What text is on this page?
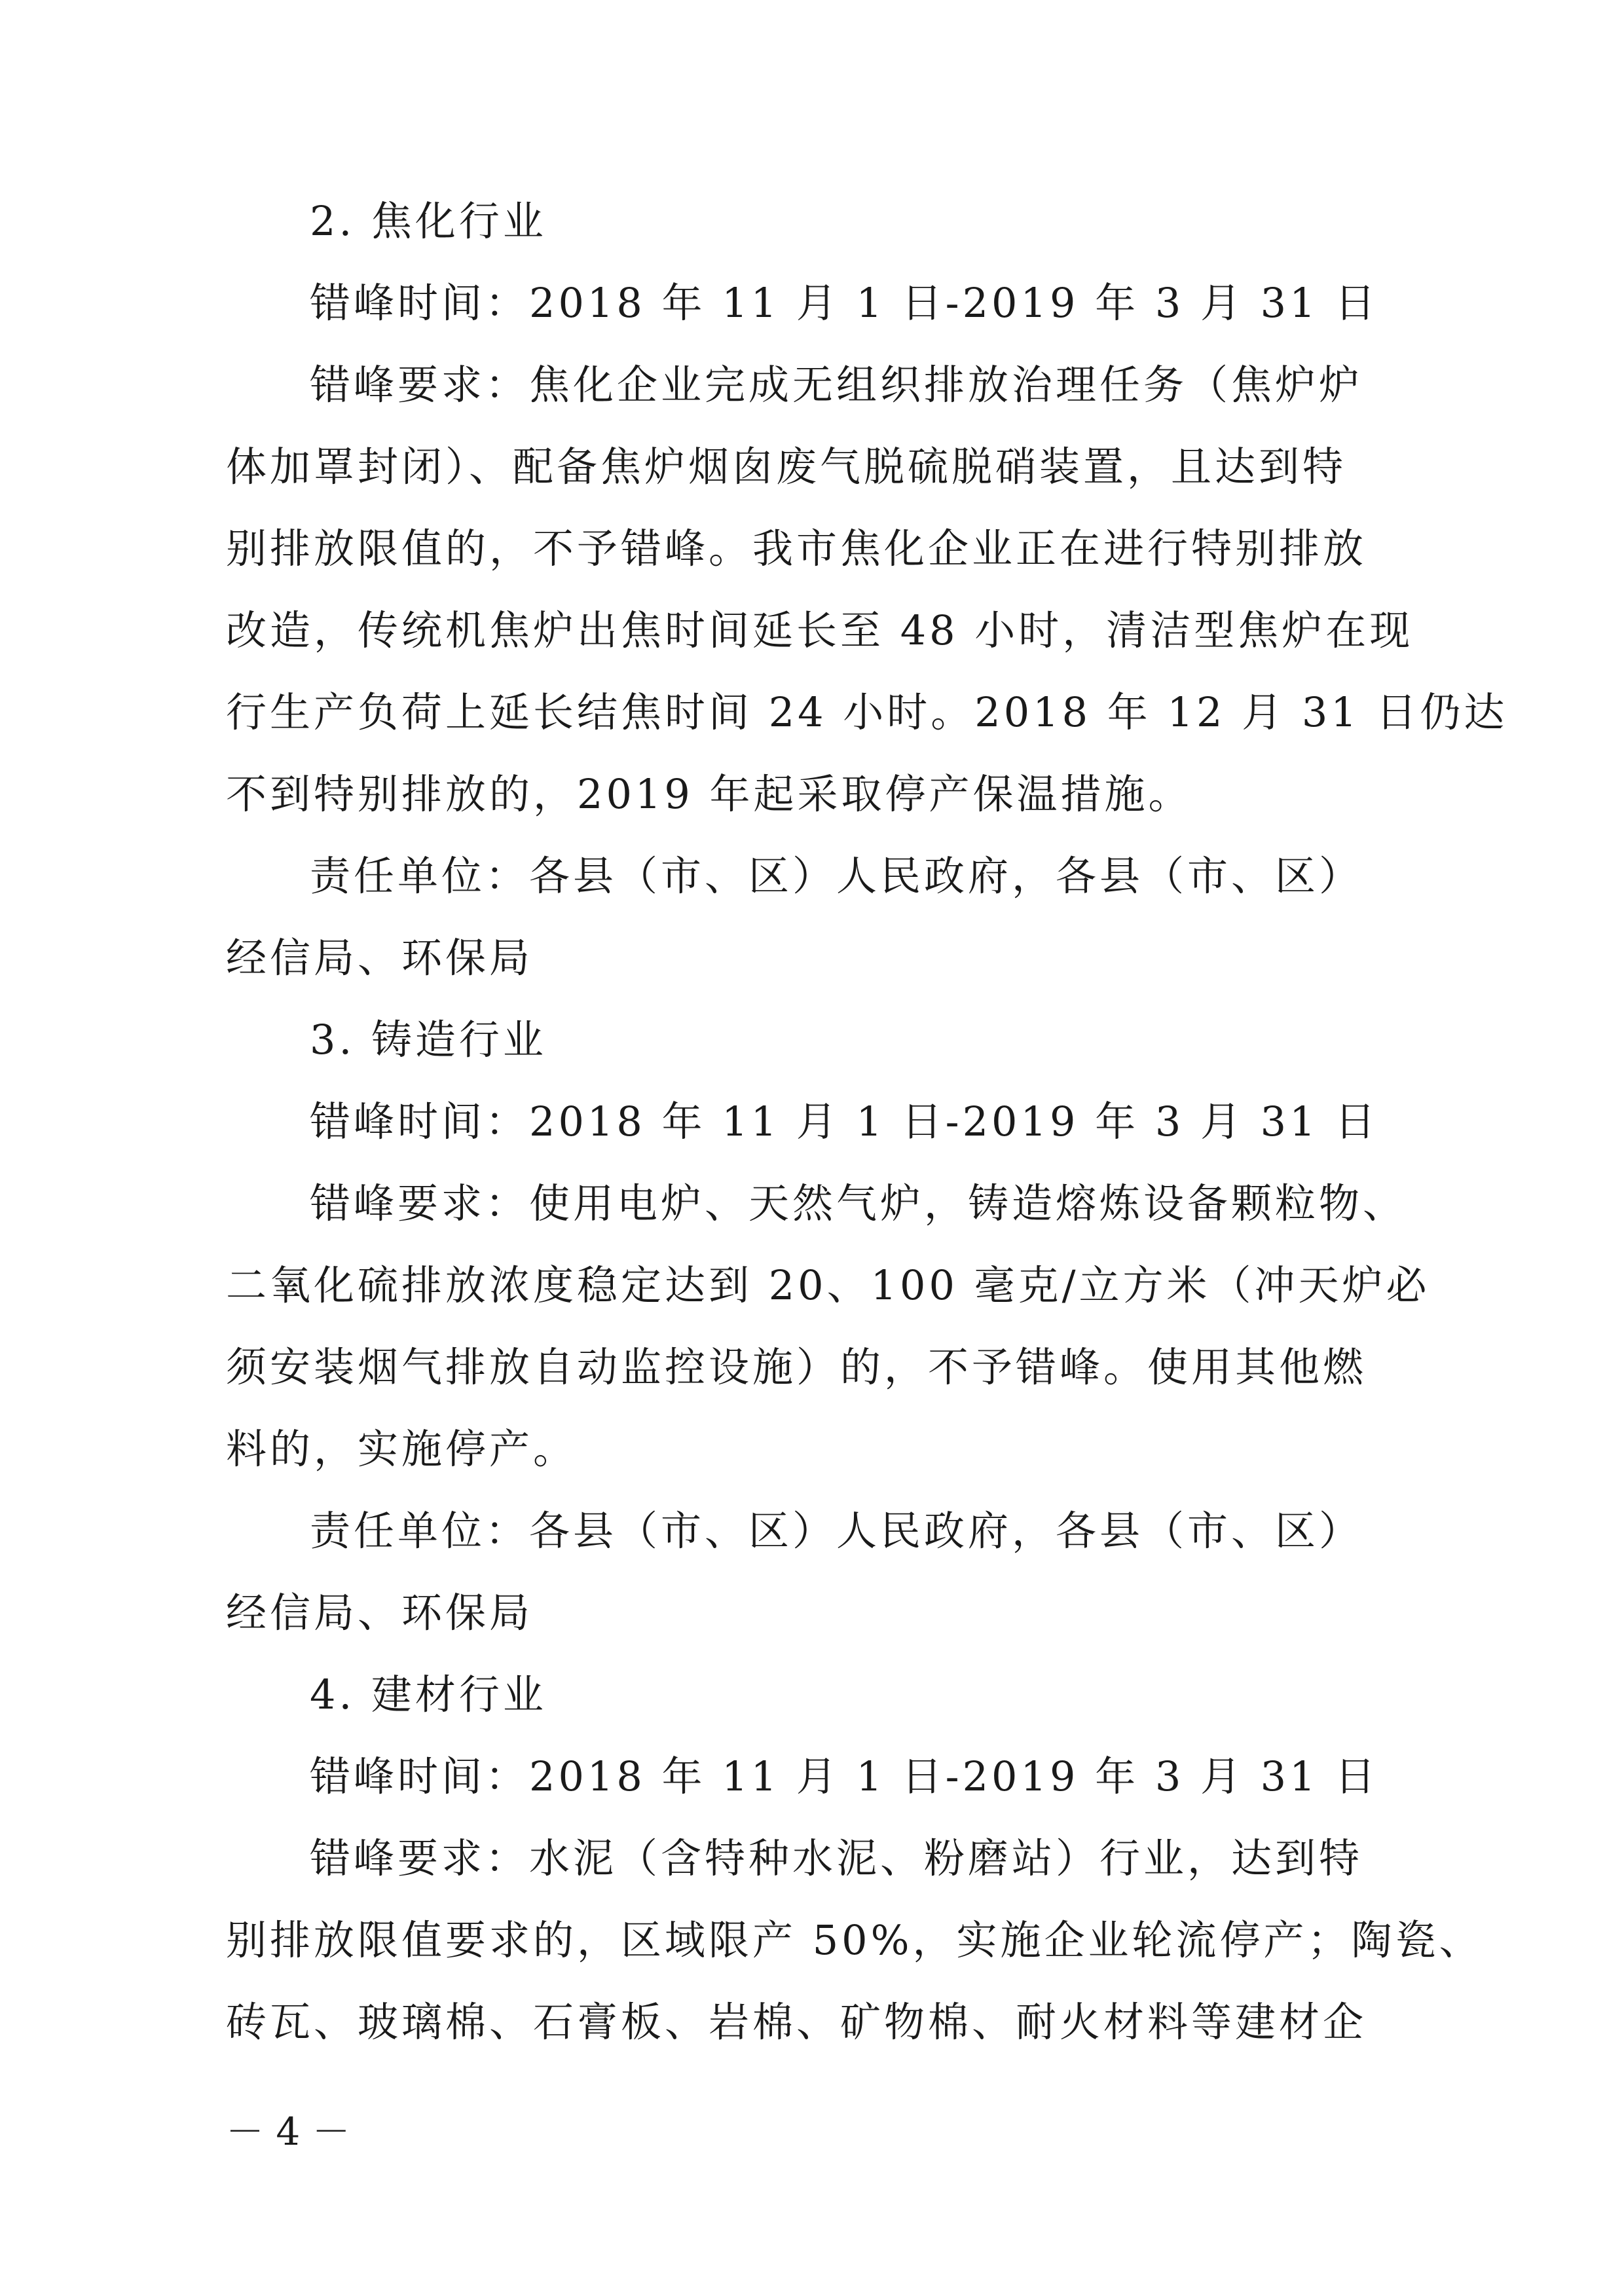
2. 焦化行业
错峰时间：2018 年 11 月 1 日-2019 年 3 月 31 日
错峰要求：焦化企业完成无组织排放治理任务（焦炉炉
体加罩封闭）、配备焦炉烟囱废气脱硫脱硝装置，且达到特
别排放限值的，不予错峰。我市焦化企业正在进行特别排放
改造，传统机焦炉出焦时间延长至 48 小时，清洁型焦炉在现
行生产负荷上延长结焦时间 24 小时。2018 年 12 月 31 日仍达
不到特别排放的，2019 年起采取停产保温措施。
责任单位：各县（市、区）人民政府，各县（市、区）
经信局、环保局
3. 铸造行业
错峰时间：2018 年 11 月 1 日-2019 年 3 月 31 日
错峰要求：使用电炉、天然气炉，铸造熔炼设备颗粒物、
二氧化硫排放浓度稳定达到 20、100 毫克/立方米（冲天炉必
须安装烟气排放自动监控设施）的，不予错峰。使用其他燃
料的，实施停产。
责任单位：各县（市、区）人民政府，各县（市、区）
经信局、环保局
4. 建材行业
错峰时间：2018 年 11 月 1 日-2019 年 3 月 31 日
错峰要求：水泥（含特种水泥、粉磨站）行业，达到特
别排放限值要求的，区域限产 50%，实施企业轮流停产；陶瓷、
砖瓦、玻璃棉、石膏板、岩棉、矿物棉、耐火材料等建材企
－ 4 －
